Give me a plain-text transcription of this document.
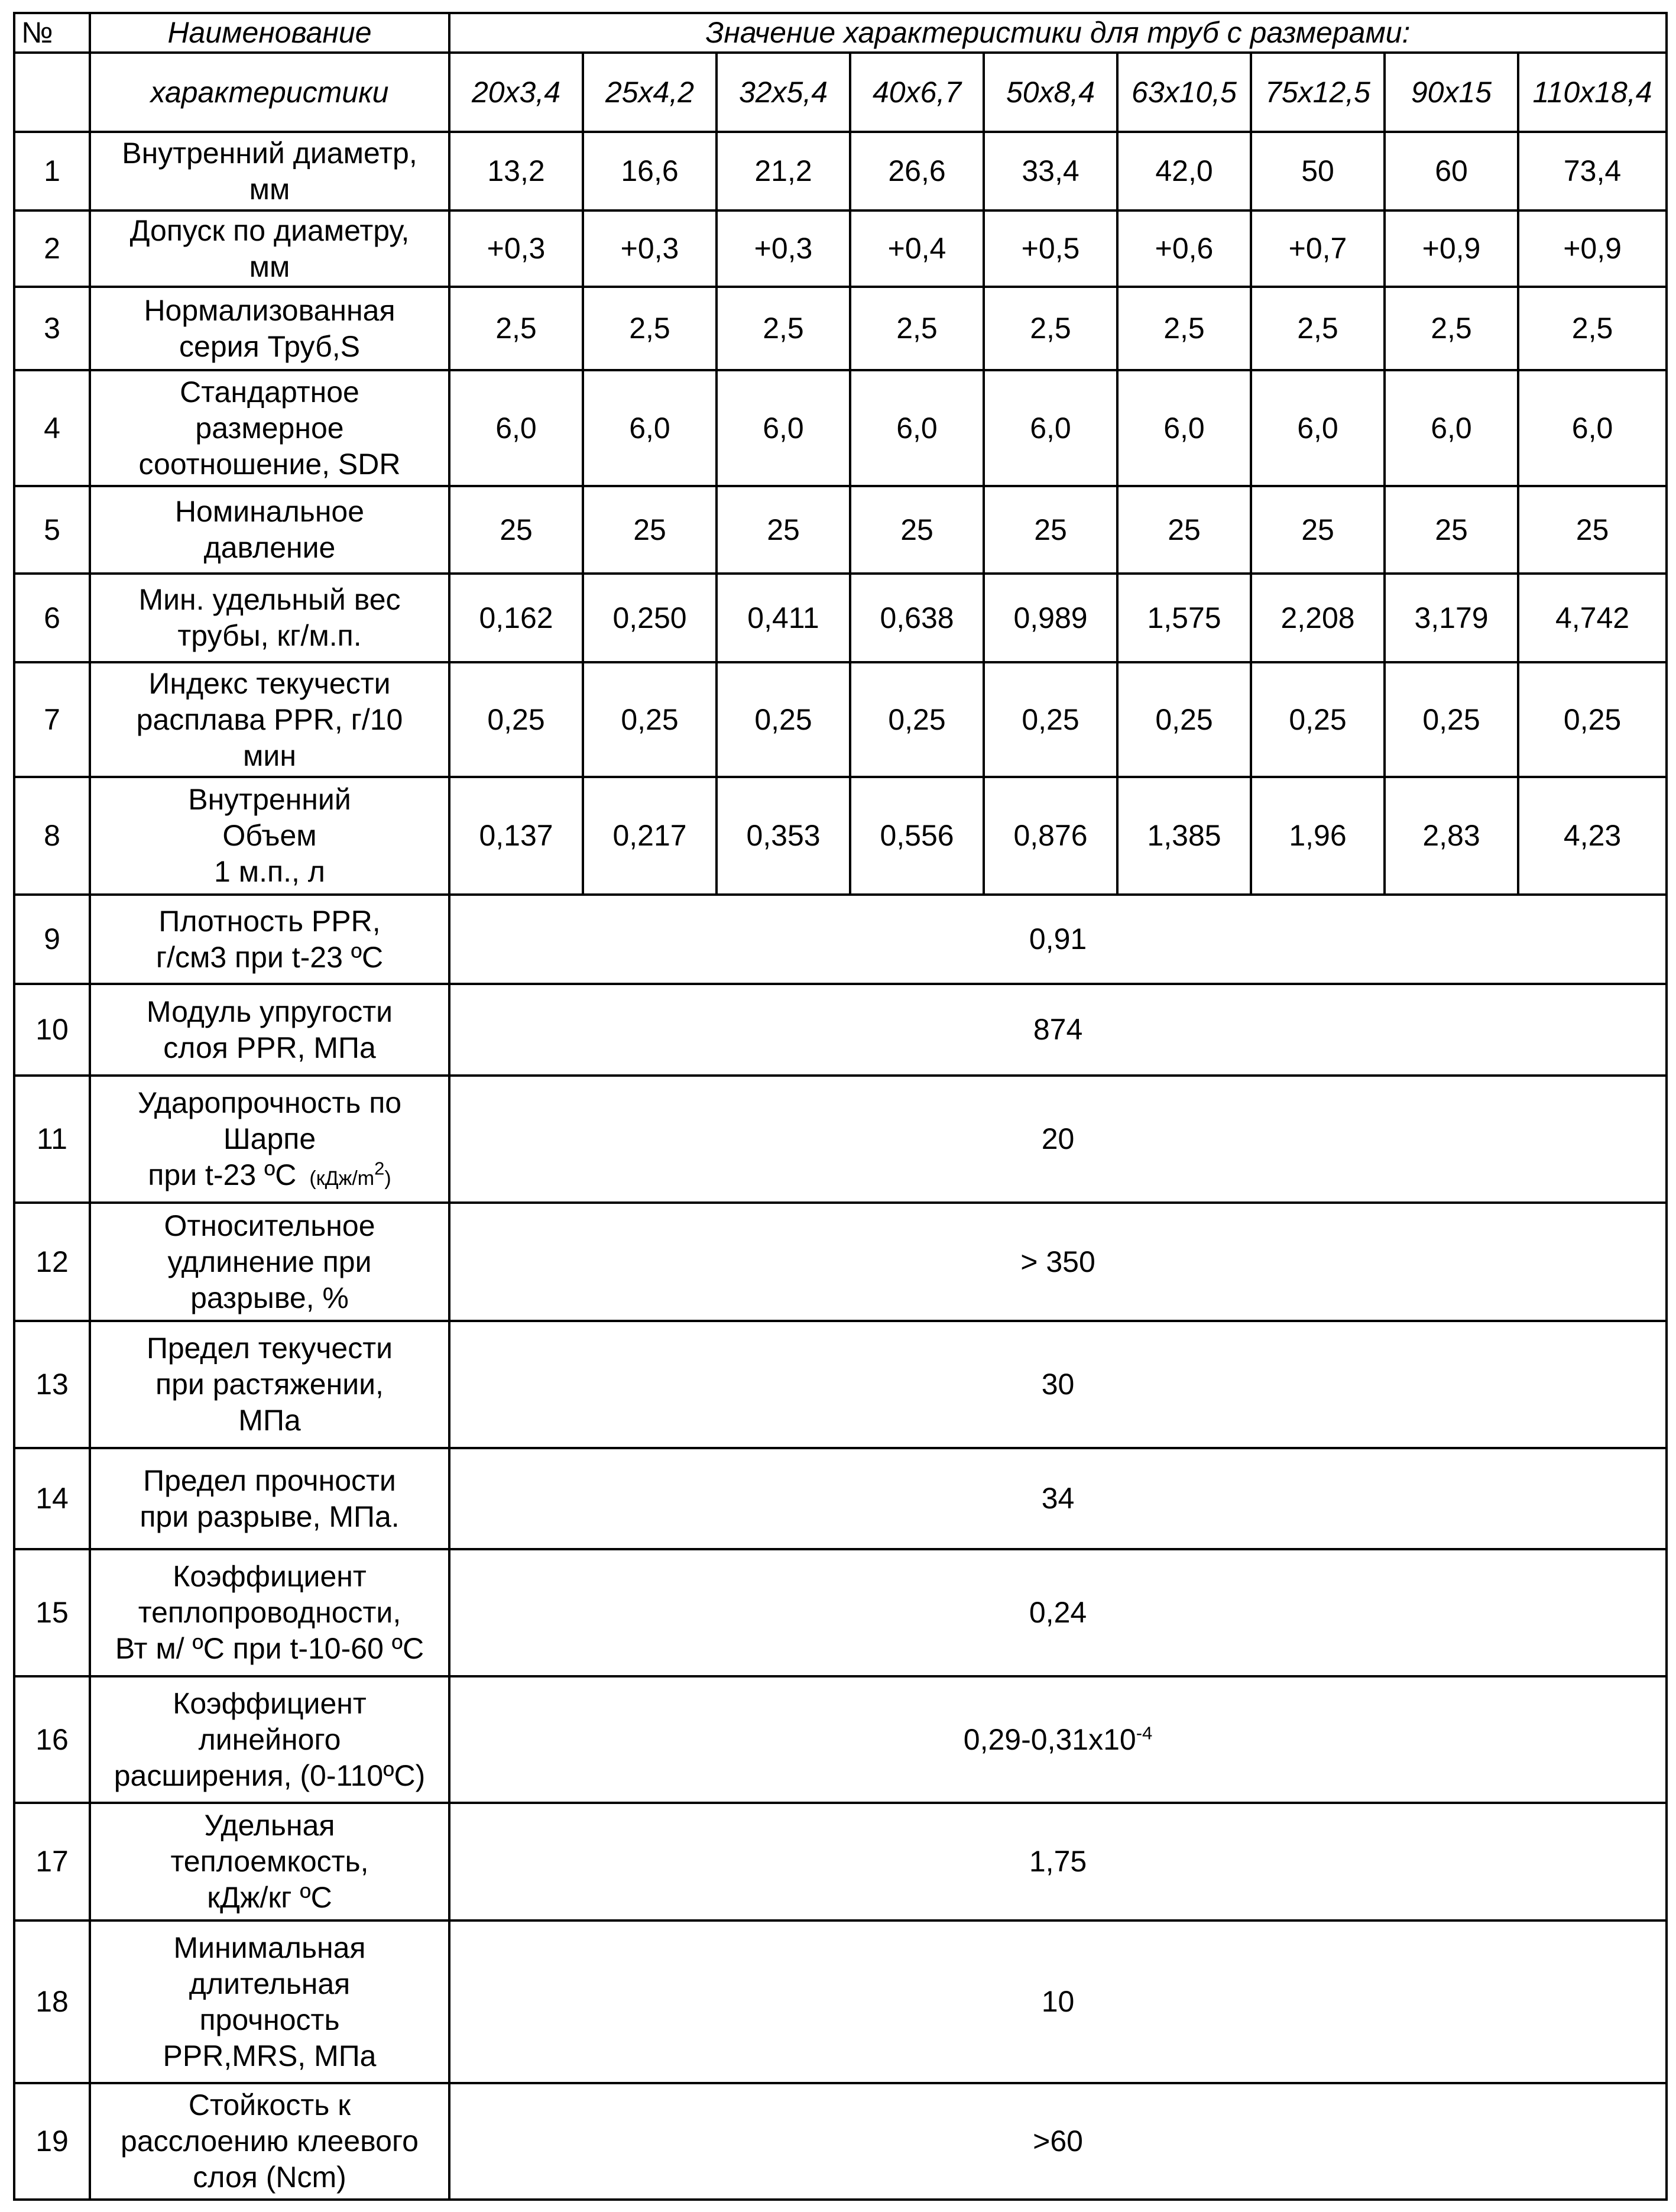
№	Наименование	Значение характеристики для труб с размерами:								
	характеристики	20x3,4	25x4,2	32x5,4	40x6,7	50x8,4	63x10,5	75x12,5	90x15	110x18,4
1	Внутренний диаметр,
мм	13,2	16,6	21,2	26,6	33,4	42,0	50	60	73,4
2	Допуск по диаметру,
мм	+0,3	+0,3	+0,3	+0,4	+0,5	+0,6	+0,7	+0,9	+0,9
3	Нормализованная
серия Труб,S	2,5	2,5	2,5	2,5	2,5	2,5	2,5	2,5	2,5
4	Стандартное
размерное
соотношение, SDR	6,0	6,0	6,0	6,0	6,0	6,0	6,0	6,0	6,0
5	Номинальное
давление	25	25	25	25	25	25	25	25	25
6	Мин. удельный вес
трубы, кг/м.п.	0,162	0,250	0,411	0,638	0,989	1,575	2,208	3,179	4,742
7	Индекс текучести
расплава PPR, г/10
мин	0,25	0,25	0,25	0,25	0,25	0,25	0,25	0,25	0,25
8	Внутренний
Объем
1 м.п., л	0,137	0,217	0,353	0,556	0,876	1,385	1,96	2,83	4,23
9	Плотность PPR,
г/см3 при t-23 ºC	0,91								
10	Модуль упругости
слоя PPR, МПа	874								
11	Ударопрочность по
Шарпе
при t-23 ºC $(кДж/m^2)$	20								
12	Относительное
удлинение при
разрыве, %	> 350								
13	Предел текучести
при растяжении,
МПа	30								
14	Предел прочности
при разрыве, МПа.	34								
15	Коэффициент
теплопроводности,
Вт м/ ºC при t-10-60 ºC	0,24								
16	Коэффициент
линейного
расширения, (0-110ºC)	$0,29-0,31x10^{-4}$
17	Удельная
теплоемкость,
кДж/кг ºC	1,75								
18	Минимальная
длительная
прочность
PPR,MRS, МПа	10								
19	Стойкость к
расслоению клеевого
слоя (Ncm)	>60								
